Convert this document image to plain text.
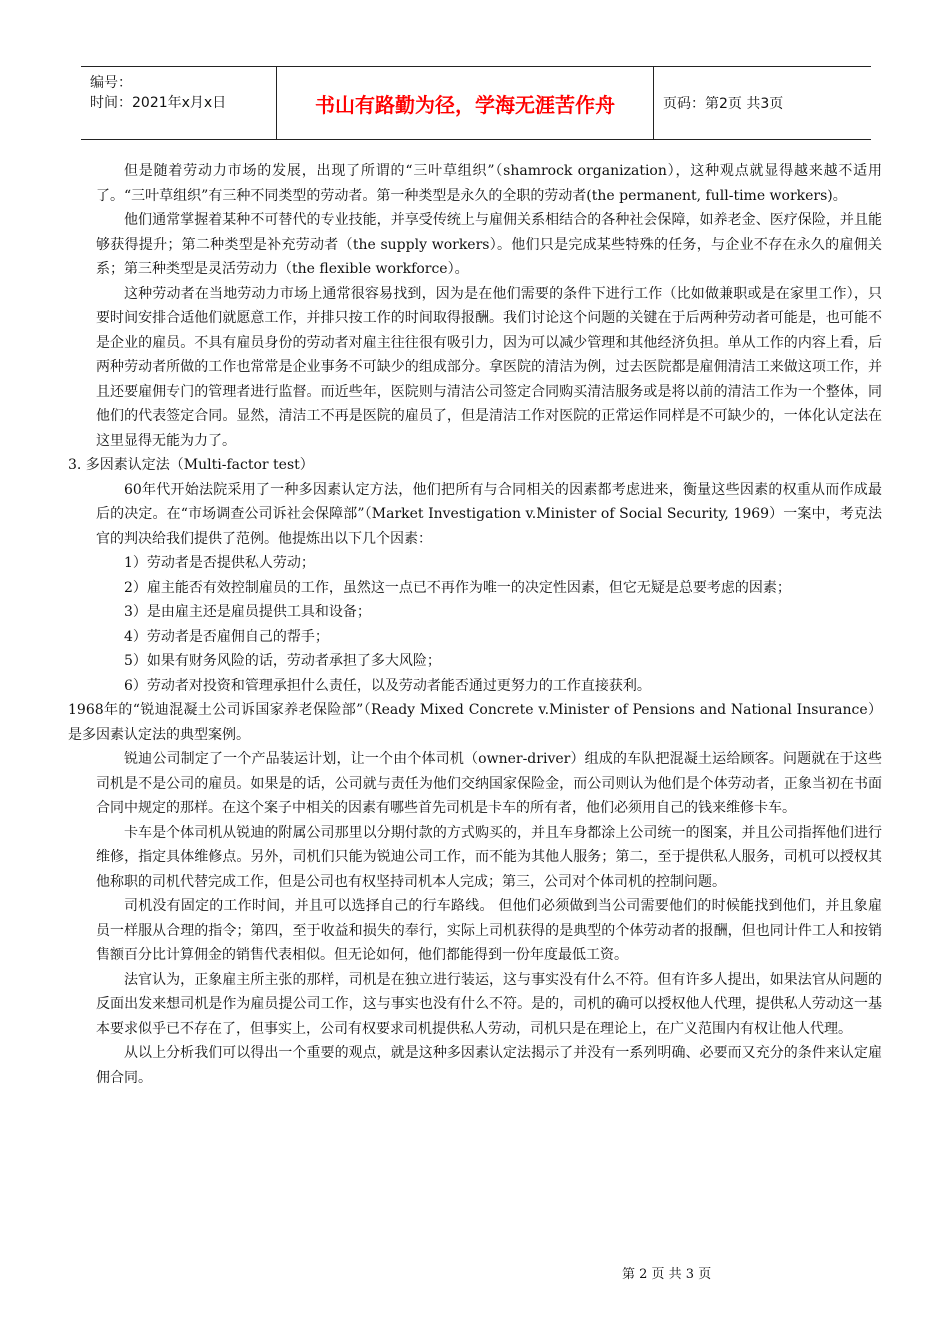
编号：
时间：2021年x月x日	书山有路勤为径，学海无涯苦作舟	页码：第2页 共3页

但是随着劳动力市场的发展，出现了所谓的“三叶草组织”（shamrock organization），这种观点就显得越来越不适用了。“三叶草组织”有三种不同类型的劳动者。第一种类型是永久的全职的劳动者(the permanent, full-time workers)。

他们通常掌握着某种不可替代的专业技能，并享受传统上与雇佣关系相结合的各种社会保障，如养老金、医疗保险，并且能够获得提升；第二种类型是补充劳动者（the supply workers）。他们只是完成某些特殊的任务，与企业不存在永久的雇佣关系；第三种类型是灵活劳动力（the flexible workforce）。

这种劳动者在当地劳动力市场上通常很容易找到，因为是在他们需要的条件下进行工作（比如做兼职或是在家里工作），只要时间安排合适他们就愿意工作，并排只按工作的时间取得报酬。我们讨论这个问题的关键在于后两种劳动者可能是，也可能不是企业的雇员。不具有雇员身份的劳动者对雇主往往很有吸引力，因为可以减少管理和其他经济负担。单从工作的内容上看，后两种劳动者所做的工作也常常是企业事务不可缺少的组成部分。拿医院的清洁为例，过去医院都是雇佣清洁工来做这项工作，并且还要雇佣专门的管理者进行监督。而近些年，医院则与清洁公司签定合同购买清洁服务或是将以前的清洁工作为一个整体，同他们的代表签定合同。显然，清洁工不再是医院的雇员了，但是清洁工作对医院的正常运作同样是不可缺少的，一体化认定法在这里显得无能为力了。

3. 多因素认定法（Multi-factor test）

60年代开始法院采用了一种多因素认定方法，他们把所有与合同相关的因素都考虑进来，衡量这些因素的权重从而作成最后的决定。在“市场调查公司诉社会保障部”（Market Investigation v.Minister of Social Security, 1969）一案中，考克法官的判决给我们提供了范例。他提炼出以下几个因素：

1）劳动者是否提供私人劳动；

2）雇主能否有效控制雇员的工作，虽然这一点已不再作为唯一的决定性因素，但它无疑是总要考虑的因素；

3）是由雇主还是雇员提供工具和设备；

4）劳动者是否雇佣自己的帮手；

5）如果有财务风险的话，劳动者承担了多大风险；

6）劳动者对投资和管理承担什么责任，以及劳动者能否通过更努力的工作直接获利。

1968年的“锐迪混凝土公司诉国家养老保险部”（Ready Mixed Concrete v.Minister of Pensions and National Insurance）是多因素认定法的典型案例。

锐迪公司制定了一个产品装运计划，让一个由个体司机（owner-driver）组成的车队把混凝土运给顾客。问题就在于这些司机是不是公司的雇员。如果是的话，公司就与责任为他们交纳国家保险金，而公司则认为他们是个体劳动者，正象当初在书面合同中规定的那样。在这个案子中相关的因素有哪些首先司机是卡车的所有者，他们必须用自己的钱来维修卡车。

卡车是个体司机从锐迪的附属公司那里以分期付款的方式购买的，并且车身都涂上公司统一的图案，并且公司指挥他们进行维修，指定具体维修点。另外，司机们只能为锐迪公司工作，而不能为其他人服务；第二，至于提供私人服务，司机可以授权其他称职的司机代替完成工作，但是公司也有权坚持司机本人完成；第三，公司对个体司机的控制问题。

司机没有固定的工作时间，并且可以选择自己的行车路线。 但他们必须做到当公司需要他们的时候能找到他们，并且象雇员一样服从合理的指令；第四，至于收益和损失的奉行，实际上司机获得的是典型的个体劳动者的报酬，但也同计件工人和按销售额百分比计算佣金的销售代表相似。但无论如何，他们都能得到一份年度最低工资。

法官认为，正象雇主所主张的那样，司机是在独立进行装运，这与事实没有什么不符。但有许多人提出，如果法官从问题的反面出发来想司机是作为雇员提公司工作，这与事实也没有什么不符。是的，司机的确可以授权他人代理，提供私人劳动这一基本要求似乎已不存在了，但事实上，公司有权要求司机提供私人劳动，司机只是在理论上，在广义范围内有权让他人代理。

从以上分析我们可以得出一个重要的观点，就是这种多因素认定法揭示了并没有一系列明确、必要而又充分的条件来认定雇佣合同。

第 2 页 共 3 页
